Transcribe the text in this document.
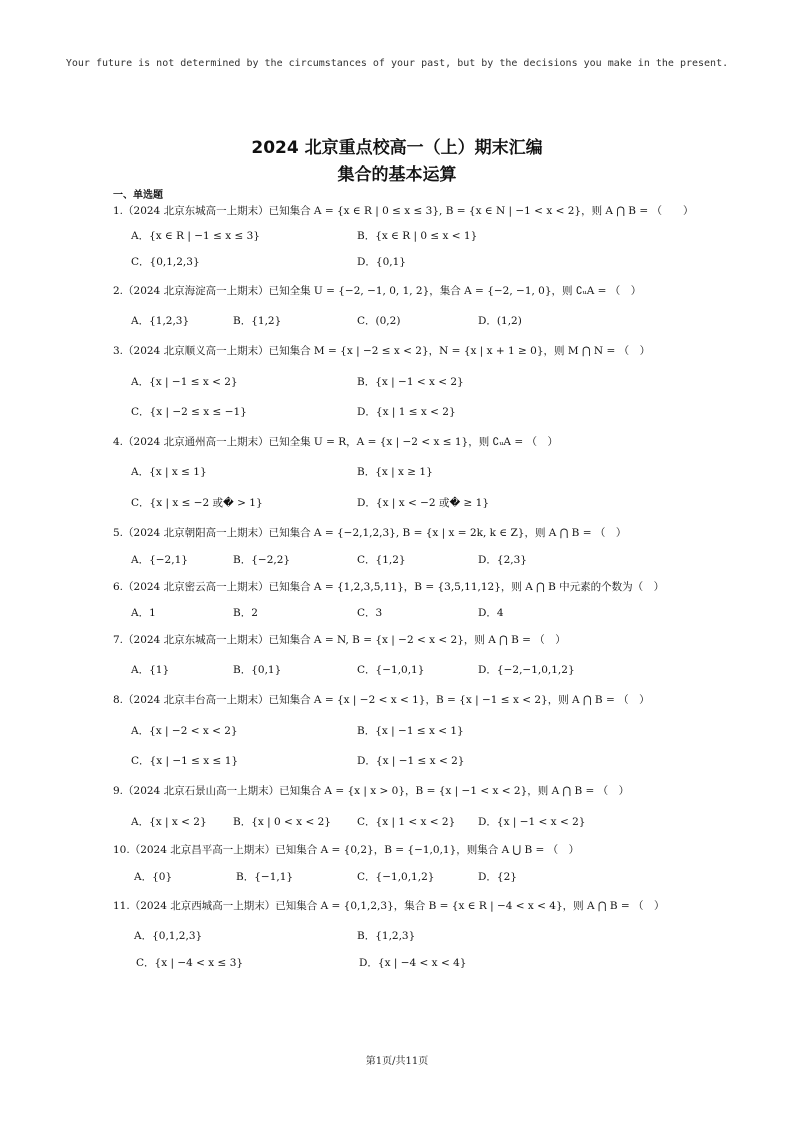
Your future is not determined by the circumstances of your past, but by the decisions you make in the present.
2024 北京重点校高一（上）期末汇编
集合的基本运算
一、单选题
1.（2024 北京东城高一上期末）已知集合 A = {x ∈ R | 0 ≤ x ≤ 3}, B = {x ∈ N | −1 < x < 2}，则 A ⋂ B = （　　）
A．{x ∈ R | −1 ≤ x ≤ 3}	B．{x ∈ R | 0 ≤ x < 1}
C．{0,1,2,3}	D．{0,1}
2.（2024 北京海淀高一上期末）已知全集 U = {−2, −1, 0, 1, 2}，集合 A = {−2, −1, 0}，则 ∁ᵤA = （　）
A．{1,2,3}	B．{1,2}	C．(0,2)	D．(1,2)
3.（2024 北京顺义高一上期末）已知集合 M = {x | −2 ≤ x < 2}，N = {x | x + 1 ≥ 0}，则 M ⋂ N = （　）
A．{x | −1 ≤ x < 2}	B．{x | −1 < x < 2}
C．{x | −2 ≤ x ≤ −1}	D．{x | 1 ≤ x < 2}
4.（2024 北京通州高一上期末）已知全集 U = R，A = {x | −2 < x ≤ 1}，则 ∁ᵤA = （　）
A．{x | x ≤ 1}	B．{x | x ≥ 1}
C．{x | x ≤ −2 或� > 1}	D．{x | x < −2 或� ≥ 1}
5.（2024 北京朝阳高一上期末）已知集合 A = {−2,1,2,3}, B = {x | x = 2k, k ∈ Z}，则 A ⋂ B = （　）
A．{−2,1}	B．{−2,2}	C．{1,2}	D．{2,3}
6.（2024 北京密云高一上期末）已知集合 A = {1,2,3,5,11}，B = {3,5,11,12}，则 A ⋂ B 中元素的个数为（　）
A．1	B．2	C．3	D．4
7.（2024 北京东城高一上期末）已知集合 A = N, B = {x | −2 < x < 2}，则 A ⋂ B = （　）
A．{1}	B．{0,1}	C．{−1,0,1}	D．{−2,−1,0,1,2}
8.（2024 北京丰台高一上期末）已知集合 A = {x | −2 < x < 1}，B = {x | −1 ≤ x < 2}，则 A ⋂ B = （　）
A．{x | −2 < x < 2}	B．{x | −1 ≤ x < 1}
C．{x | −1 ≤ x ≤ 1}	D．{x | −1 ≤ x < 2}
9.（2024 北京石景山高一上期末）已知集合 A = {x | x > 0}，B = {x | −1 < x < 2}，则 A ⋂ B = （　）
A．{x | x < 2}	B．{x | 0 < x < 2} C．{x | 1 < x < 2} D．{x | −1 < x < 2}
10.（2024 北京昌平高一上期末）已知集合 A = {0,2}，B = {−1,0,1}，则集合 A ⋃ B = （　）
A．{0}	B．{−1,1}	C．{−1,0,1,2}	D．{2}
11.（2024 北京西城高一上期末）已知集合 A = {0,1,2,3}，集合 B = {x ∈ R | −4 < x < 4}，则 A ⋂ B = （　）
A．{0,1,2,3}	B．{1,2,3}
C．{x | −4 < x ≤ 3}	D．{x | −4 < x < 4}
第1页/共11页
